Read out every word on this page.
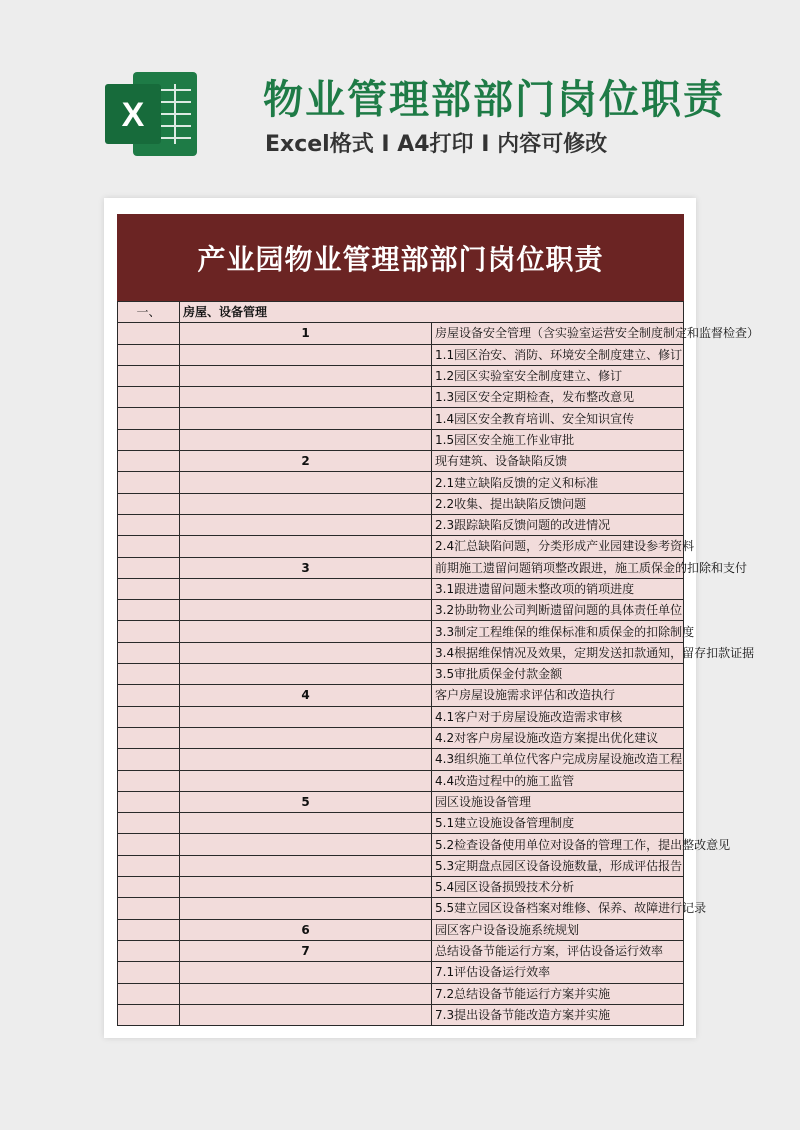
X	物业管理部部门岗位职责
Excel格式 I A4打印 I 内容可修改
产业园物业管理部部门岗位职责
一、	房屋、设备管理	
	1	房屋设备安全管理（含实验室运营安全制度制定和监督检查）
		1.1园区治安、消防、环境安全制度建立、修订
		1.2园区实验室安全制度建立、修订
		1.3园区安全定期检查，发布整改意见
		1.4园区安全教育培训、安全知识宣传
		1.5园区安全施工作业审批
	2	现有建筑、设备缺陷反馈
		2.1建立缺陷反馈的定义和标准
		2.2收集、提出缺陷反馈问题
		2.3跟踪缺陷反馈问题的改进情况
		2.4汇总缺陷问题，分类形成产业园建设参考资料
	3	前期施工遗留问题销项整改跟进，施工质保金的扣除和支付
		3.1跟进遗留问题未整改项的销项进度
		3.2协助物业公司判断遗留问题的具体责任单位
		3.3制定工程维保的维保标准和质保金的扣除制度
		3.4根据维保情况及效果，定期发送扣款通知，留存扣款证据
		3.5审批质保金付款金额
	4	客户房屋设施需求评估和改造执行
		4.1客户对于房屋设施改造需求审核
		4.2对客户房屋设施改造方案提出优化建议
		4.3组织施工单位代客户完成房屋设施改造工程
		4.4改造过程中的施工监管
	5	园区设施设备管理
		5.1建立设施设备管理制度
		5.2检查设备使用单位对设备的管理工作，提出整改意见
		5.3定期盘点园区设备设施数量，形成评估报告
		5.4园区设备损毁技术分析
		5.5建立园区设备档案对维修、保养、故障进行记录
	6	园区客户设备设施系统规划
	7	总结设备节能运行方案，评估设备运行效率
		7.1评估设备运行效率
		7.2总结设备节能运行方案并实施
		7.3提出设备节能改造方案并实施
